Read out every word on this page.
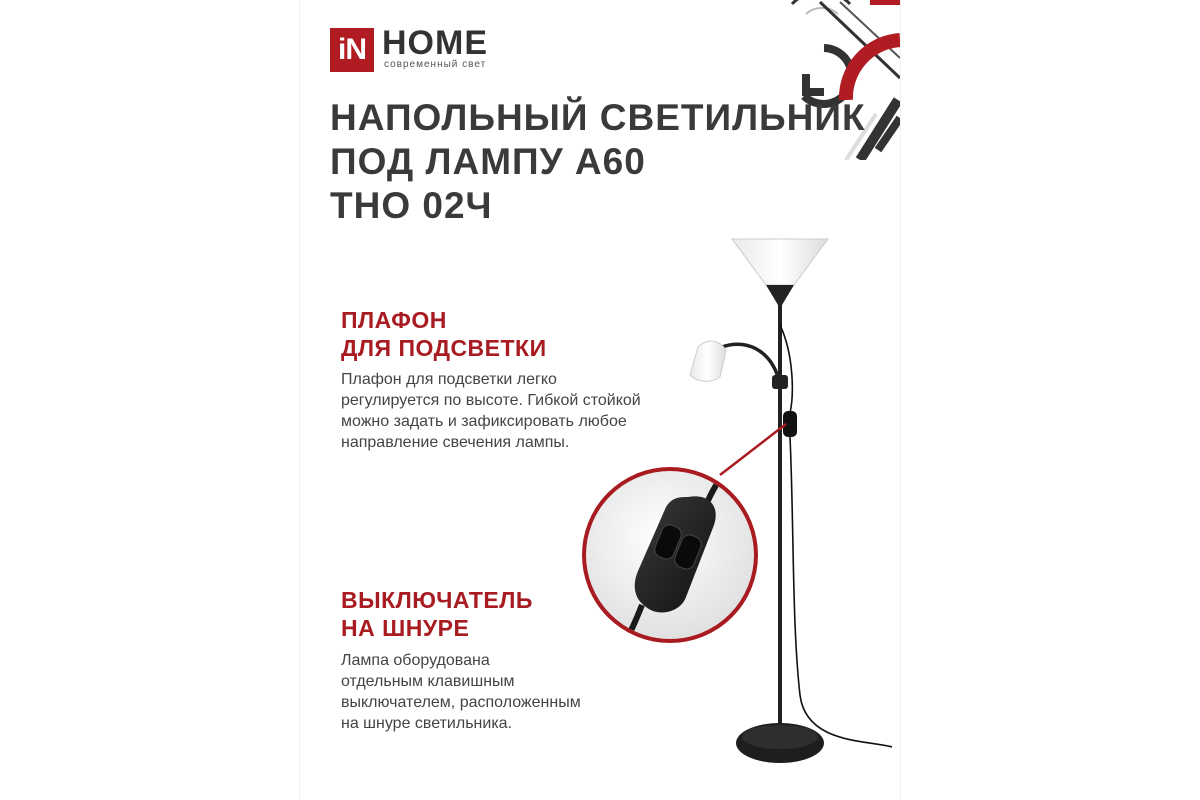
iN HOME
современный свет
НАПОЛЬНЫЙ СВЕТИЛЬНИК
ПОД ЛАМПУ А60
ТНО 02Ч
ПЛАФОН
ДЛЯ ПОДСВЕТКИ
Плафон для подсветки легко
регулируется по высоте. Гибкой стойкой
можно задать и зафиксировать любое
направление свечения лампы.
ВЫКЛЮЧАТЕЛЬ
НА ШНУРЕ
Лампа оборудована
отдельным клавишным
выключателем, расположенным
на шнуре светильника.
